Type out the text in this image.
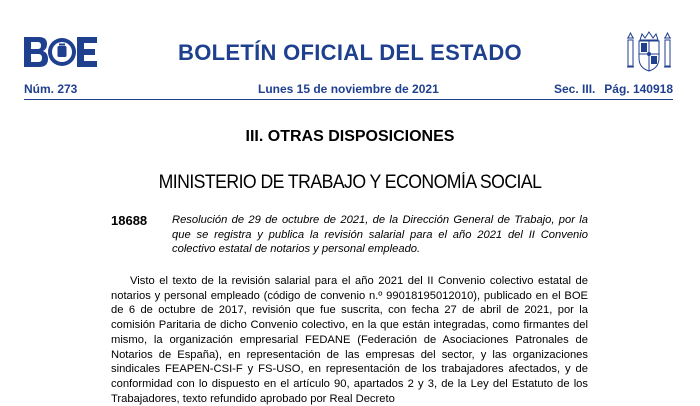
BOLETÍN OFICIAL DEL ESTADO
Núm. 273	Lunes 15 de noviembre de 2021	Sec. III. Pág. 140918
III. OTRAS DISPOSICIONES
MINISTERIO DE TRABAJO Y ECONOMÍA SOCIAL
18688 Resolución de 29 de octubre de 2021, de la Dirección General de Trabajo, por la que se registra y publica la revisión salarial para el año 2021 del II Convenio colectivo estatal de notarios y personal empleado.

Visto el texto de la revisión salarial para el año 2021 del II Convenio colectivo estatal de notarios y personal empleado (código de convenio n.º 99018195012010), publicado en el BOE de 6 de octubre de 2017, revisión que fue suscrita, con fecha 27 de abril de 2021, por la comisión Paritaria de dicho Convenio colectivo, en la que están integradas, como firmantes del mismo, la organización empresarial FEDANE (Federación de Asociaciones Patronales de Notarios de España), en representación de las empresas del sector, y las organizaciones sindicales FEAPEN-CSI-F y FS-USO, en representación de los trabajadores afectados, y de conformidad con lo dispuesto en el artículo 90, apartados 2 y 3, de la Ley del Estatuto de los Trabajadores, texto refundido aprobado por Real Decreto
